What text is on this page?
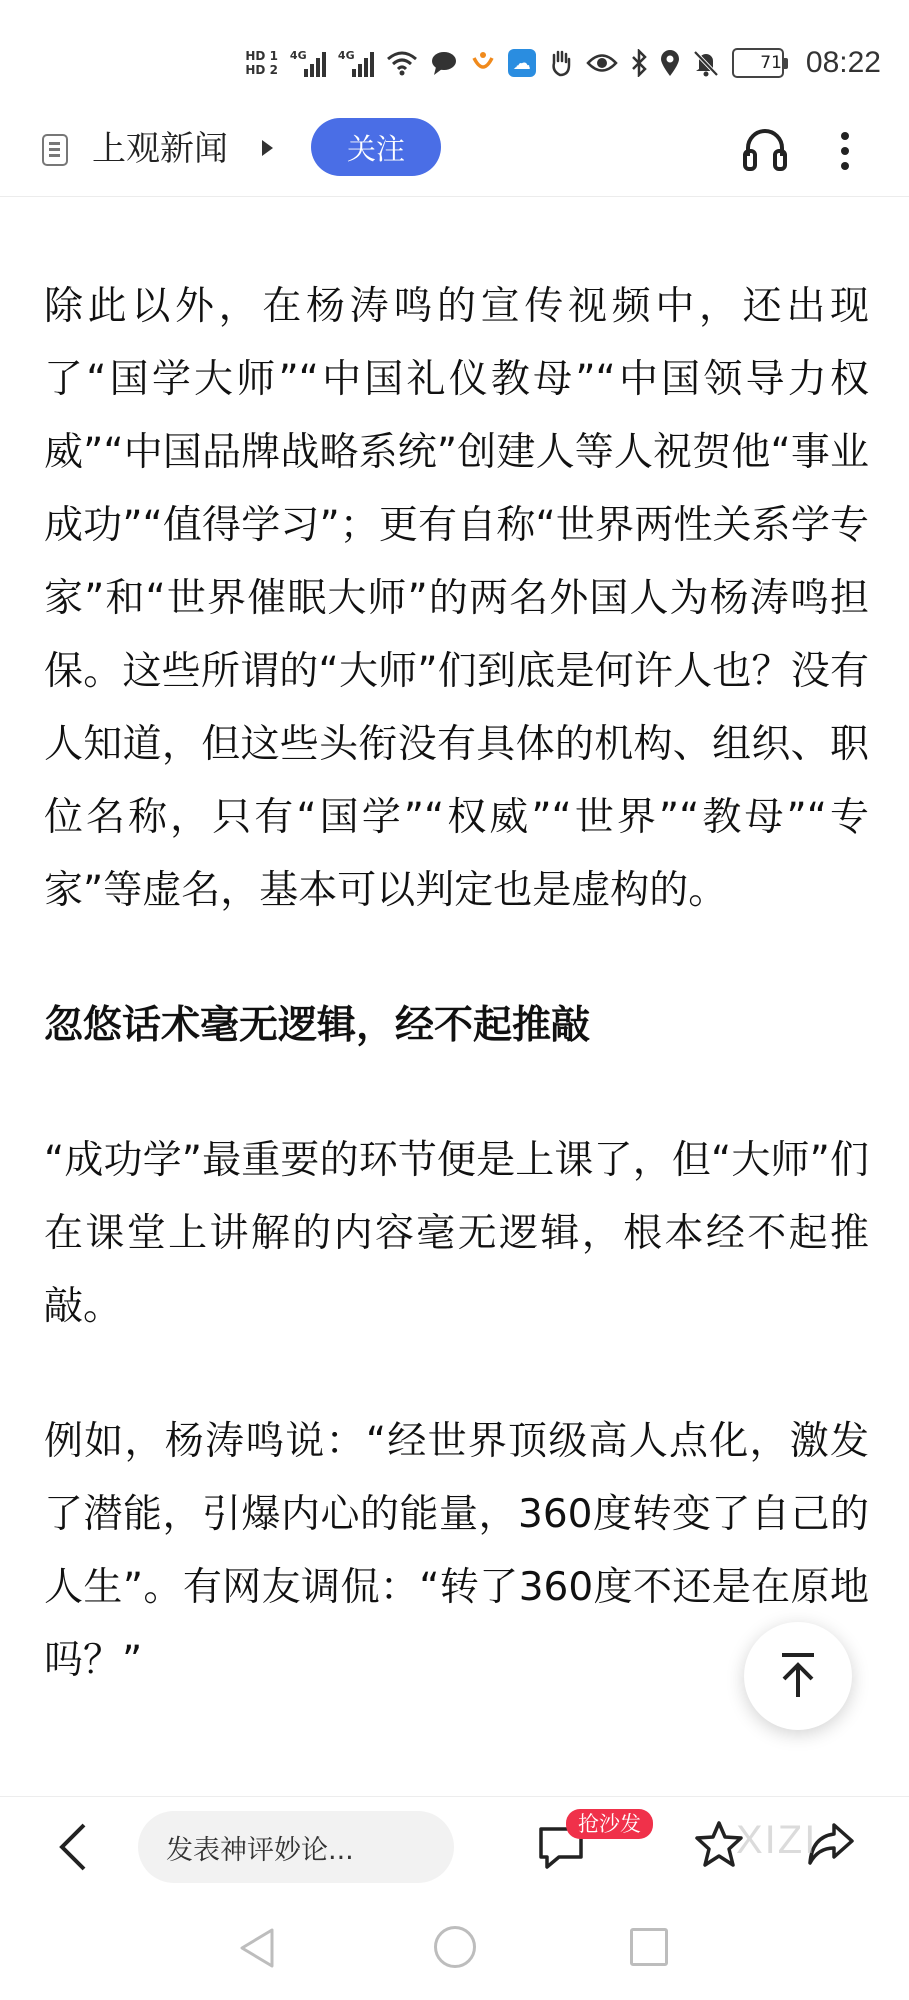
HD 1
HD 2
4G	4G	☁	71 08:22
上观新闻	关注

除此以外，在杨涛鸣的宣传视频中，还出现了“国学大师”“中国礼仪教母”“中国领导力权威”“中国品牌战略系统”创建人等人祝贺他“事业成功”“值得学习”；更有自称“世界两性关系学专家”和“世界催眠大师”的两名外国人为杨涛鸣担保。这些所谓的“大师”们到底是何许人也？没有人知道，但这些头衔没有具体的机构、组织、职位名称，只有“国学”“权威”“世界”“教母”“专家”等虚名，基本可以判定也是虚构的。

忽悠话术毫无逻辑，经不起推敲

“成功学”最重要的环节便是上课了，但“大师”们在课堂上讲解的内容毫无逻辑，根本经不起推敲。

例如，杨涛鸣说：“经世界顶级高人点化，激发了潜能，引爆内心的能量，360度转变了自己的人生”。有网友调侃：“转了360度不还是在原地吗？”

发表神评妙论...
抢沙发	XIZI
